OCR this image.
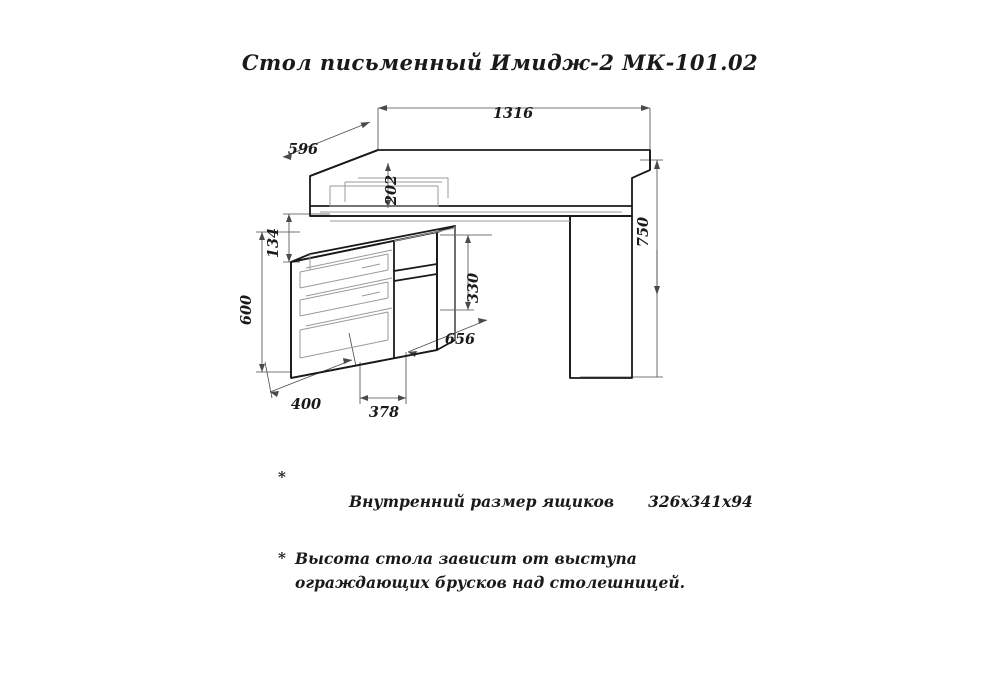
Стол письменный Имидж-2 МК-101.02
1316
596
202
134	750
600
330
656
400	378
*

Внутренний размер ящиков 326х341х94

* Высота стола зависит от выступа
ограждающих брусков над столешницей.
